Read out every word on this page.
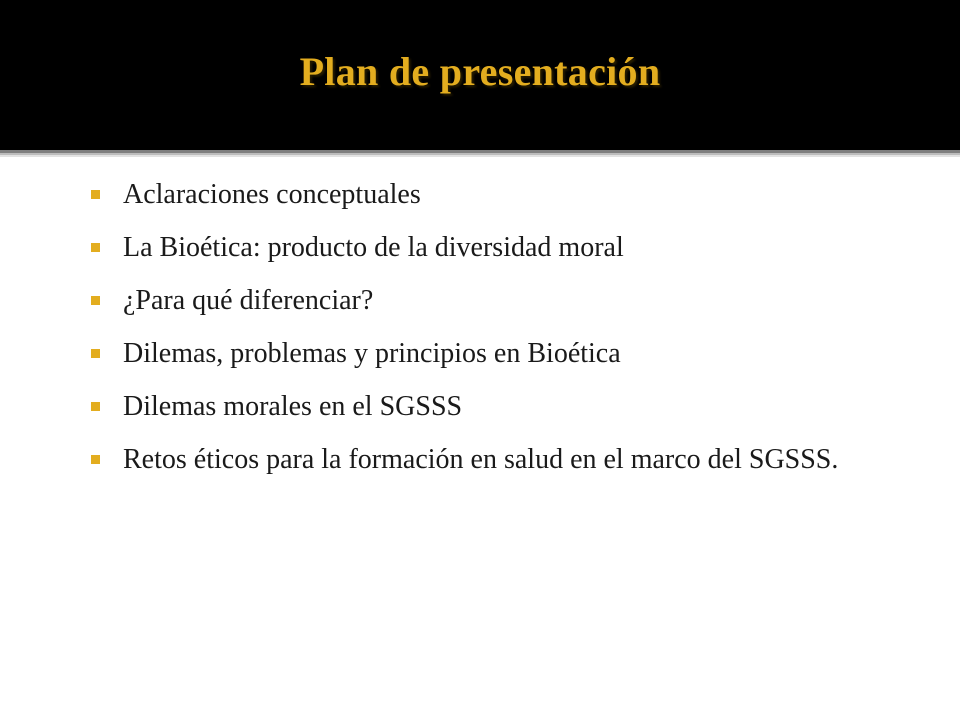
Plan de presentación
Aclaraciones conceptuales
La Bioética: producto de la diversidad moral
¿Para qué diferenciar?
Dilemas, problemas y principios en Bioética
Dilemas morales en el SGSSS
Retos éticos para la formación en salud en el marco del SGSSS.
